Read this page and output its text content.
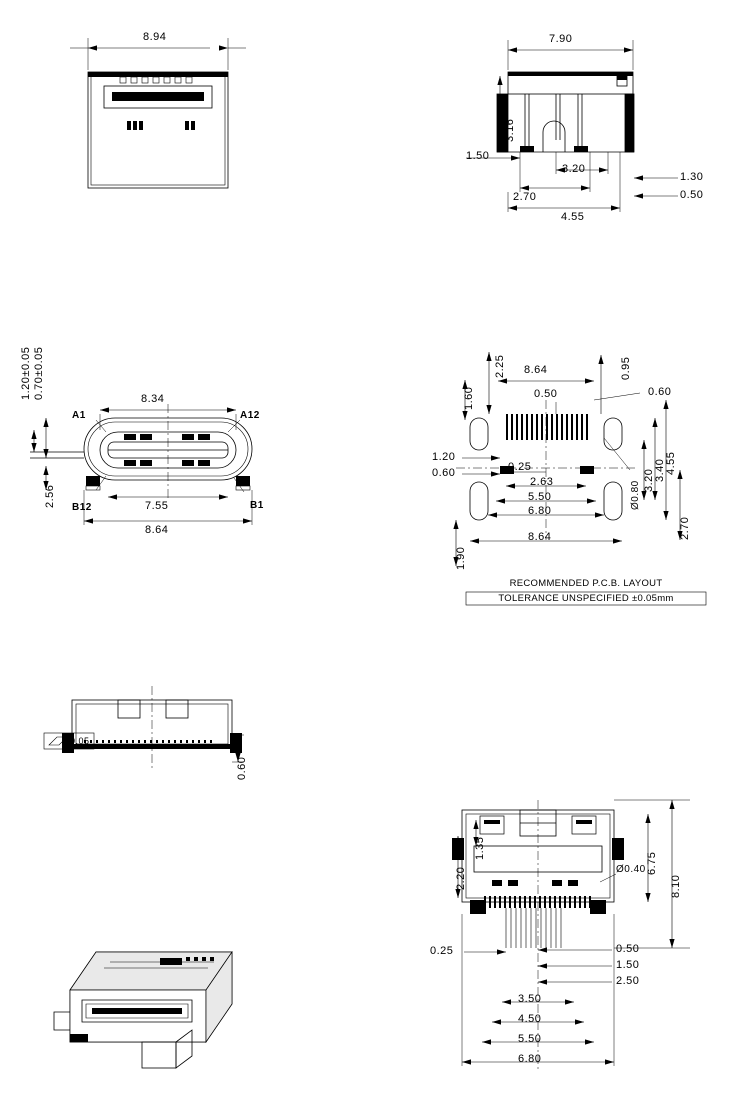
8.94	7.90
3.16
1.50
3.20
2.70
4.55
1.30
0.50
1.20±0.05 0.70±0.05
2.56
8.34
7.55
8.64
A1	A12
B12	B1
2.25
1.60
8.64	0.95
0.50	0.60
1.20
0.60	0.25
2.63
5.50
6.80
8.64
1.90
3.20 3.40 4.55
2.70
Ø0.80
RECOMMENDED P.C.B. LAYOUT
TOLERANCE UNSPECIFIED ±0.05mm
0.05
0.60
2.20
1.35
6.75
8.10
Ø0.40
0.25	0.50
1.50
2.50
3.50
4.50
5.50
6.80
